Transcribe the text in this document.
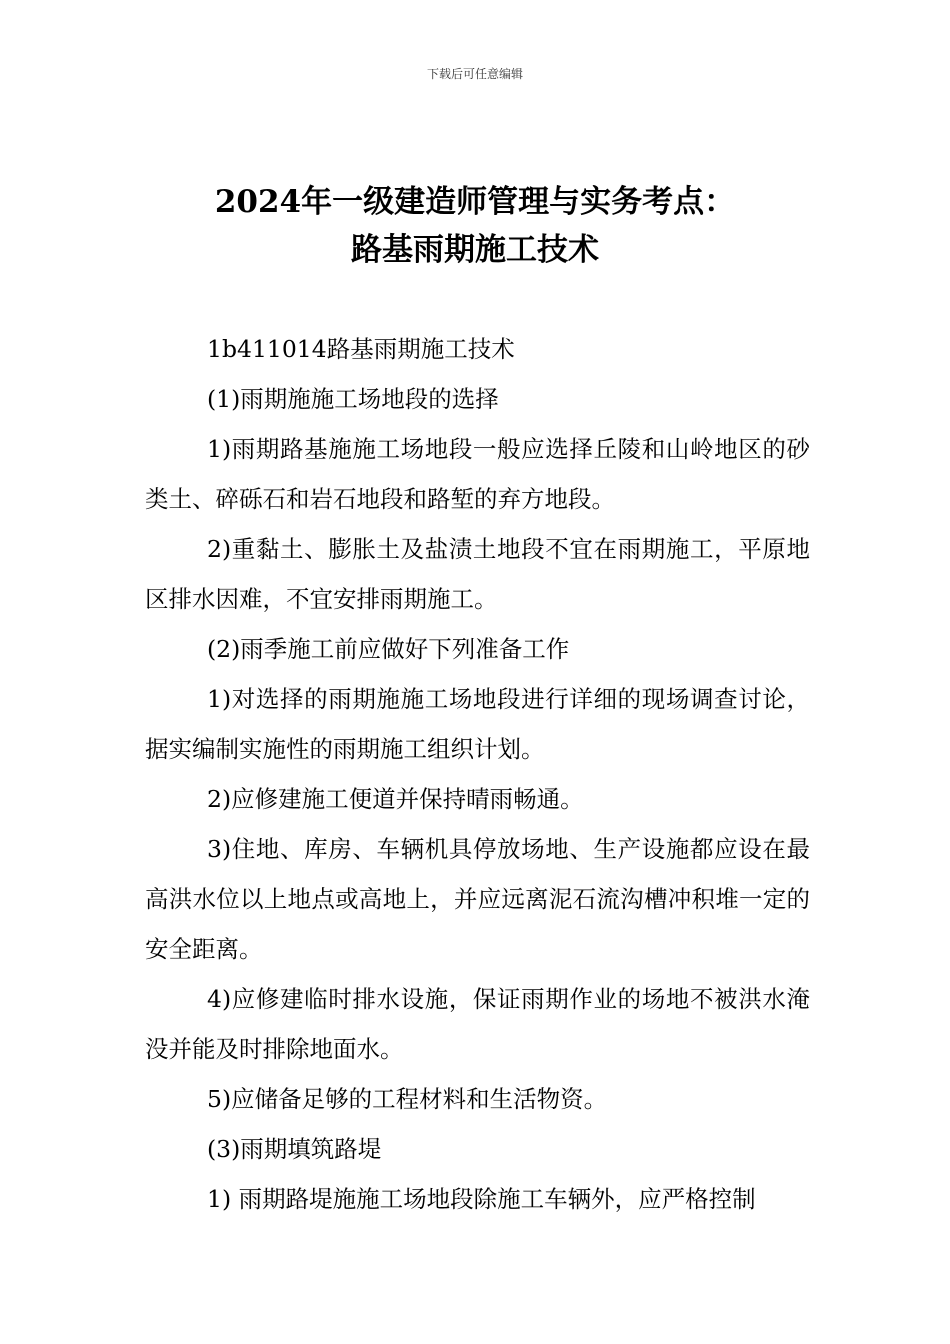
下载后可任意编辑
2024年一级建造师管理与实务考点：
路基雨期施工技术

1b411014路基雨期施工技术

(1)雨期施施工场地段的选择

1)雨期路基施施工场地段一般应选择丘陵和山岭地区的砂类土、碎砾石和岩石地段和路堑的弃方地段。

2)重黏土、膨胀土及盐渍土地段不宜在雨期施工，平原地区排水因难，不宜安排雨期施工。

(2)雨季施工前应做好下列准备工作

1)对选择的雨期施施工场地段进行详细的现场调查讨论，据实编制实施性的雨期施工组织计划。

2)应修建施工便道并保持晴雨畅通。

3)住地、库房、车辆机具停放场地、生产设施都应设在最高洪水位以上地点或高地上，并应远离泥石流沟槽冲积堆一定的安全距离。

4)应修建临时排水设施，保证雨期作业的场地不被洪水淹没并能及时排除地面水。

5)应储备足够的工程材料和生活物资。

(3)雨期填筑路堤

1) 雨期路堤施施工场地段除施工车辆外，应严格控制
